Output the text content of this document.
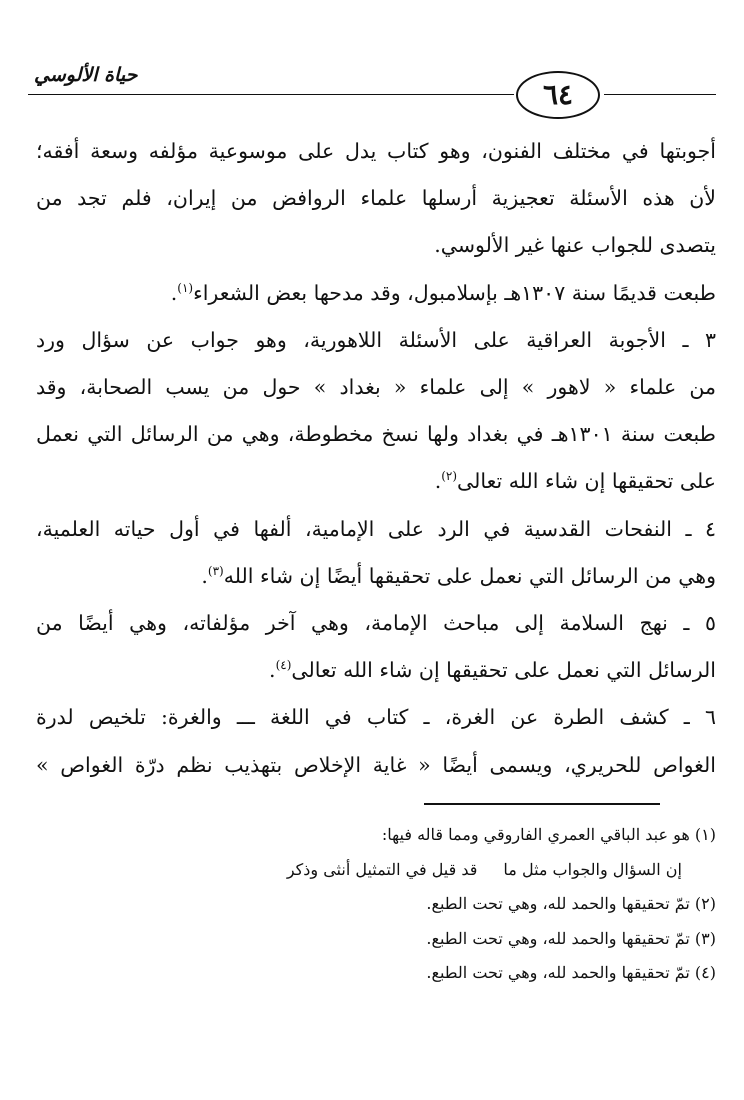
حياة الألوسي
٦٤
أجوبتها في مختلف الفنون، وهو كتاب يدل على موسوعية مؤلفه وسعة أفقه؛
لأن هذه الأسئلة تعجيزية أرسلها علماء الروافض من إيران، فلم تجد من
يتصدى للجواب عنها غير الألوسي.
طبعت قديمًا سنة ١٣٠٧هـ بإسلامبول، وقد مدحها بعض الشعراء$^{(١)}$.
٣ ـ الأجوبة العراقية على الأسئلة اللاهورية، وهو جواب عن سؤال ورد
من علماء « لاهور » إلى علماء « بغداد » حول من يسب الصحابة، وقد
طبعت سنة ١٣٠١هـ في بغداد ولها نسخ مخطوطة، وهي من الرسائل التي نعمل
على تحقيقها إن شاء الله تعالى$^{(٢)}$.
٤ ـ النفحات القدسية في الرد على الإمامية، ألفها في أول حياته العلمية،
وهي من الرسائل التي نعمل على تحقيقها أيضًا إن شاء الله$^{(٣)}$.
٥ ـ نهج السلامة إلى مباحث الإمامة، وهي آخر مؤلفاته، وهي أيضًا من
الرسائل التي نعمل على تحقيقها إن شاء الله تعالى$^{(٤)}$.
٦ ـ كشف الطرة عن الغرة، ـ كتاب في اللغة ـــ والغرة: تلخيص لدرة
الغواص للحريري، ويسمى أيضًا « غاية الإخلاص بتهذيب نظم درّة الغواص »
(١) هو عبد الباقي العمري الفاروقي ومما قاله فيها:
إن السؤال والجواب مثل ما
قد قيل في التمثيل أنثى وذكر
(٢) تمّ تحقيقها والحمد لله، وهي تحت الطبع.
(٣) تمّ تحقيقها والحمد لله، وهي تحت الطبع.
(٤) تمّ تحقيقها والحمد لله، وهي تحت الطبع.
